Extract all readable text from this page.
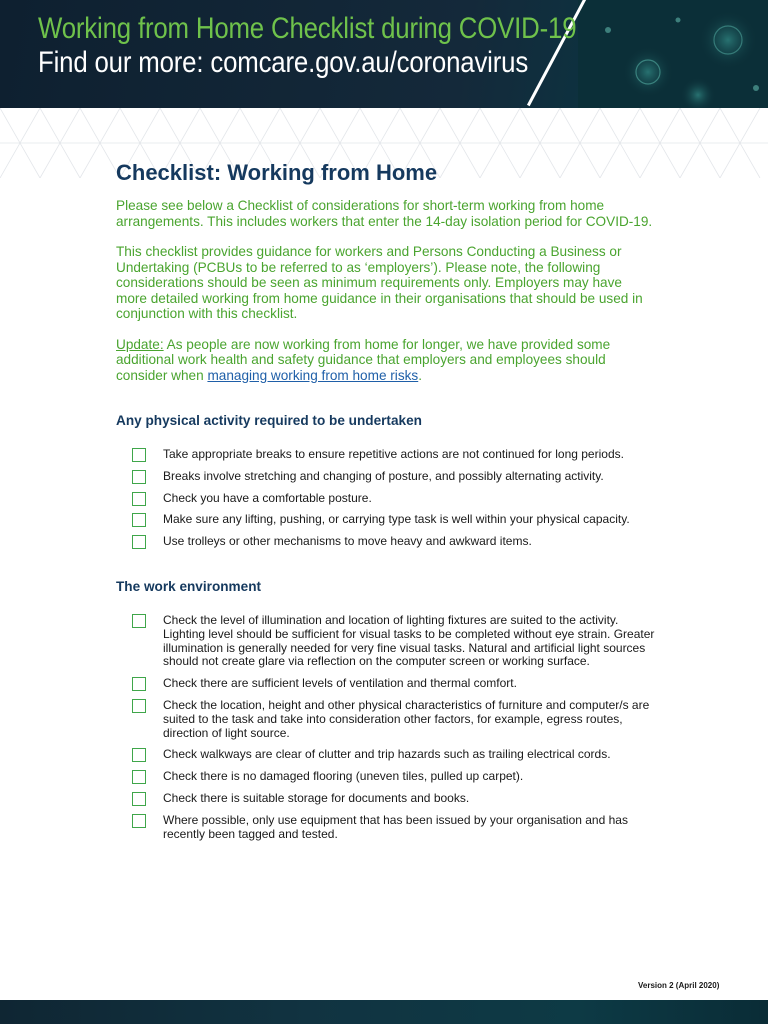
Working from Home Checklist during COVID-19
Find our more: comcare.gov.au/coronavirus
Checklist: Working from Home

Please see below a Checklist of considerations for short-term working from home arrangements. This includes workers that enter the 14-day isolation period for COVID-19.

This checklist provides guidance for workers and Persons Conducting a Business or Undertaking (PCBUs to be referred to as ‘employers’). Please note, the following considerations should be seen as minimum requirements only. Employers may have more detailed working from home guidance in their organisations that should be used in conjunction with this checklist.

Update: As people are now working from home for longer, we have provided some additional work health and safety guidance that employers and employees should consider when managing working from home risks.

Any physical activity required to be undertaken
Take appropriate breaks to ensure repetitive actions are not continued for long periods.
Breaks involve stretching and changing of posture, and possibly alternating activity.
Check you have a comfortable posture.
Make sure any lifting, pushing, or carrying type task is well within your physical capacity.
Use trolleys or other mechanisms to move heavy and awkward items.
The work environment
Check the level of illumination and location of lighting fixtures are suited to the activity. Lighting level should be sufficient for visual tasks to be completed without eye strain. Greater illumination is generally needed for very fine visual tasks. Natural and artificial light sources should not create glare via reflection on the computer screen or working surface.
Check there are sufficient levels of ventilation and thermal comfort.
Check the location, height and other physical characteristics of furniture and computer/s are suited to the task and take into consideration other factors, for example, egress routes, direction of light source.
Check walkways are clear of clutter and trip hazards such as trailing electrical cords.
Check there is no damaged flooring (uneven tiles, pulled up carpet).
Check there is suitable storage for documents and books.
Where possible, only use equipment that has been issued by your organisation and has recently been tagged and tested.
Version 2 (April 2020)
